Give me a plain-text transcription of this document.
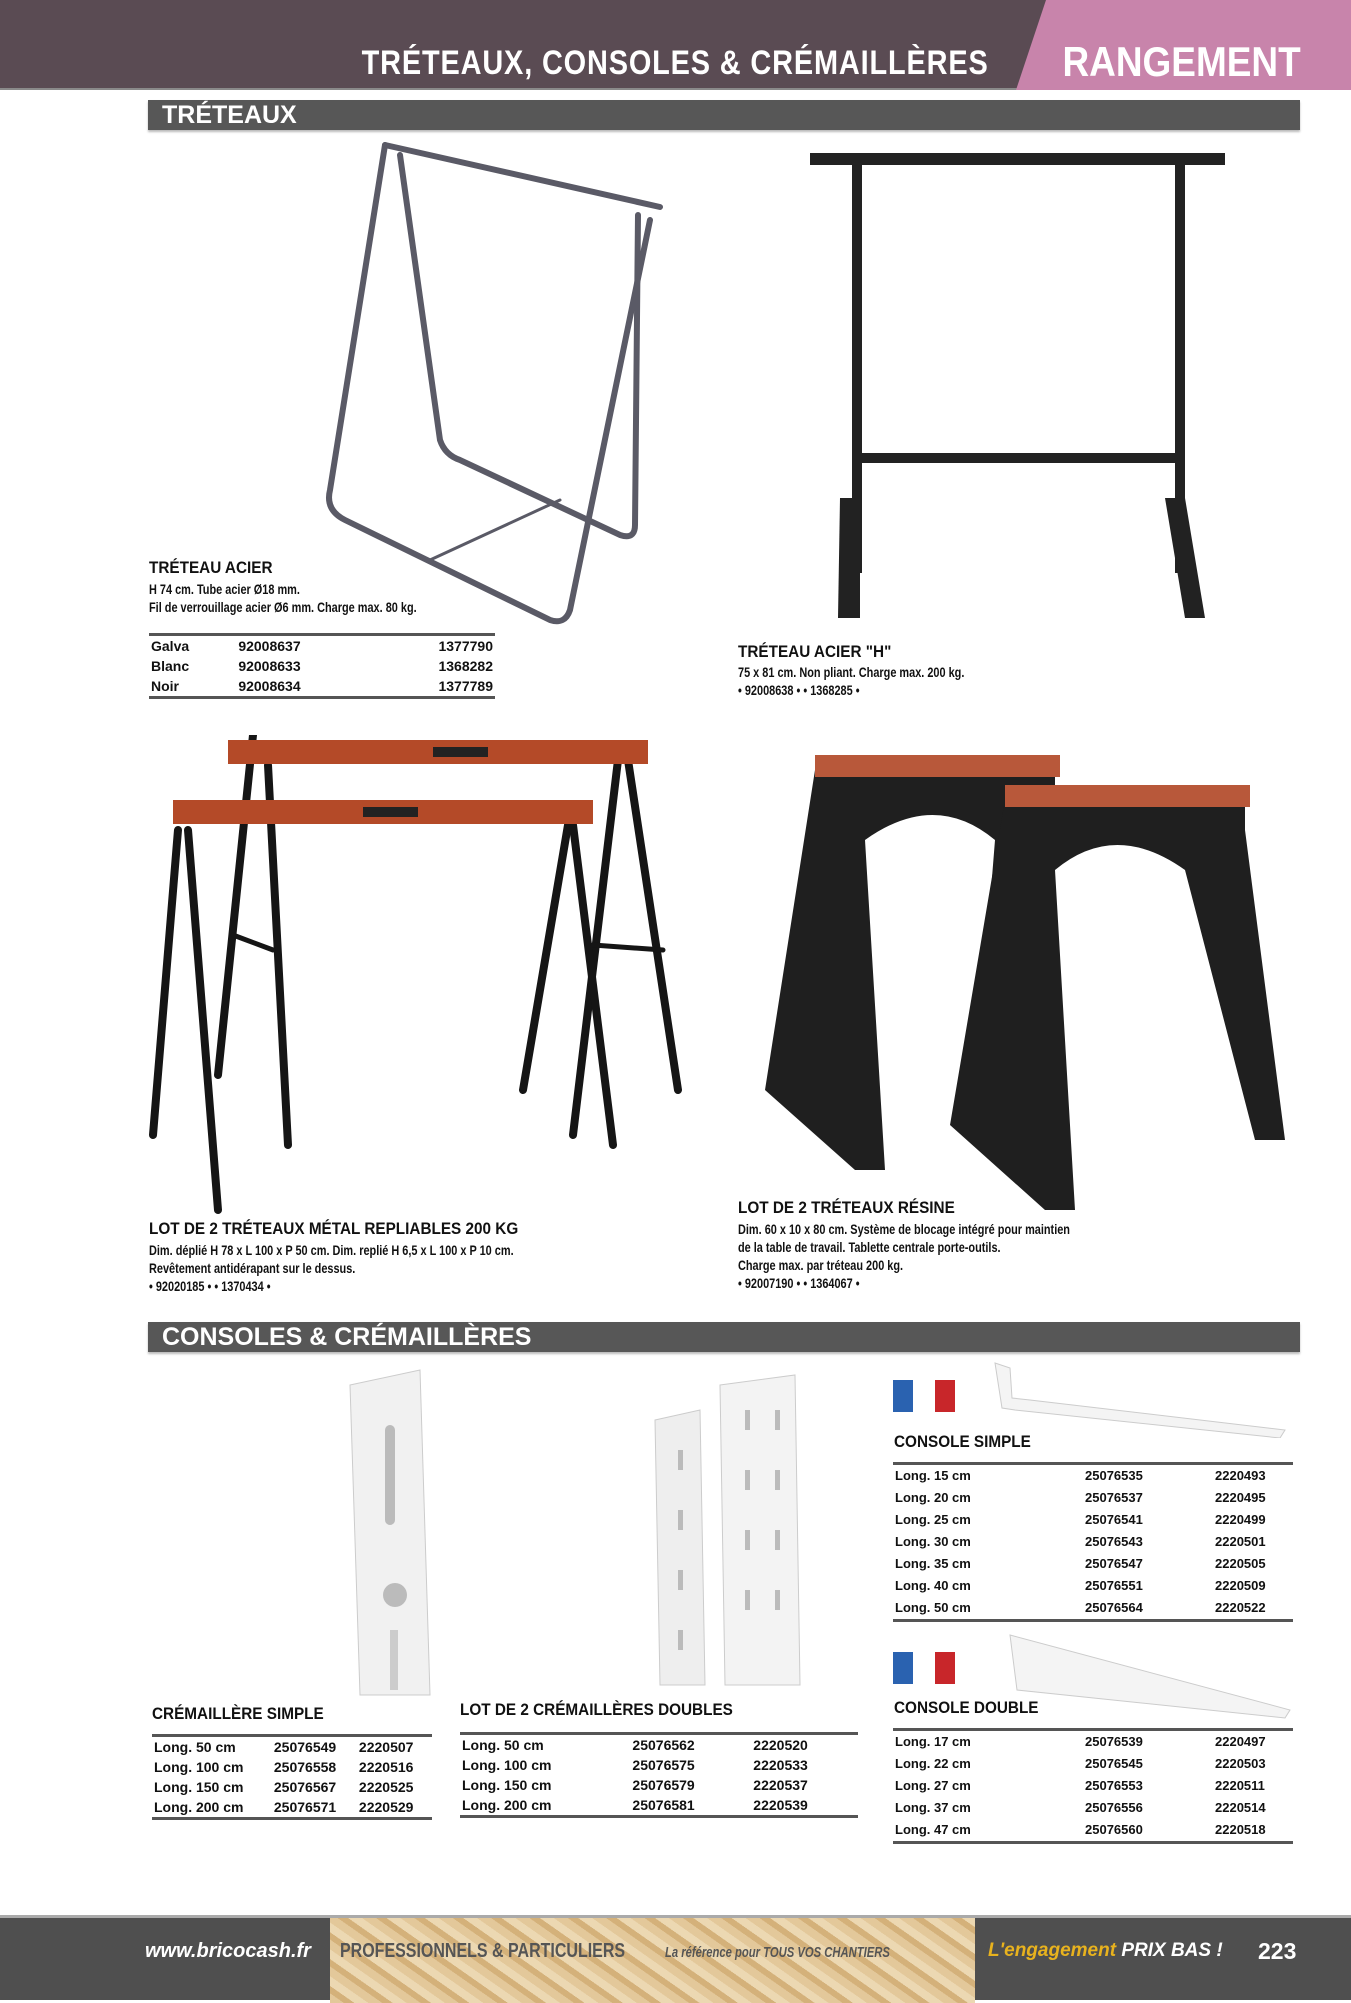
TRÉTEAUX, CONSOLES & CRÉMAILLÈRES RANGEMENT
TRÉTEAUX
TRÉTEAU ACIER
H 74 cm. Tube acier Ø18 mm.
Fil de verrouillage acier Ø6 mm. Charge max. 80 kg.
Galva	92008637	1377790
Blanc	92008633	1368282
Noir	92008634	1377789
TRÉTEAU ACIER "H"
75 x 81 cm. Non pliant. Charge max. 200 kg.
• 92008638 • • 1368285 •
LOT DE 2 TRÉTEAUX MÉTAL REPLIABLES 200 KG
Dim. déplié H 78 x L 100 x P 50 cm. Dim. replié H 6,5 x L 100 x P 10 cm.
Revêtement antidérapant sur le dessus.
• 92020185 • • 1370434 •
LOT DE 2 TRÉTEAUX RÉSINE
Dim. 60 x 10 x 80 cm. Système de blocage intégré pour maintien
de la table de travail. Tablette centrale porte-outils.
Charge max. par tréteau 200 kg.
• 92007190 • • 1364067 •
CONSOLES & CRÉMAILLÈRES
CRÉMAILLÈRE SIMPLE
Long. 50 cm	25076549	2220507
Long. 100 cm	25076558	2220516
Long. 150 cm	25076567	2220525
Long. 200 cm	25076571	2220529
LOT DE 2 CRÉMAILLÈRES DOUBLES
Long. 50 cm	25076562	2220520
Long. 100 cm	25076575	2220533
Long. 150 cm	25076579	2220537
Long. 200 cm	25076581	2220539
CONSOLE SIMPLE
Long. 15 cm	25076535	2220493
Long. 20 cm	25076537	2220495
Long. 25 cm	25076541	2220499
Long. 30 cm	25076543	2220501
Long. 35 cm	25076547	2220505
Long. 40 cm	25076551	2220509
Long. 50 cm	25076564	2220522
CONSOLE DOUBLE
Long. 17 cm	25076539	2220497
Long. 22 cm	25076545	2220503
Long. 27 cm	25076553	2220511
Long. 37 cm	25076556	2220514
Long. 47 cm	25076560	2220518
www.bricocash.fr PROFESSIONNELS & PARTICULIERS	La référence pour TOUS VOS CHANTIERS	L'engagement PRIX BAS ! 223
